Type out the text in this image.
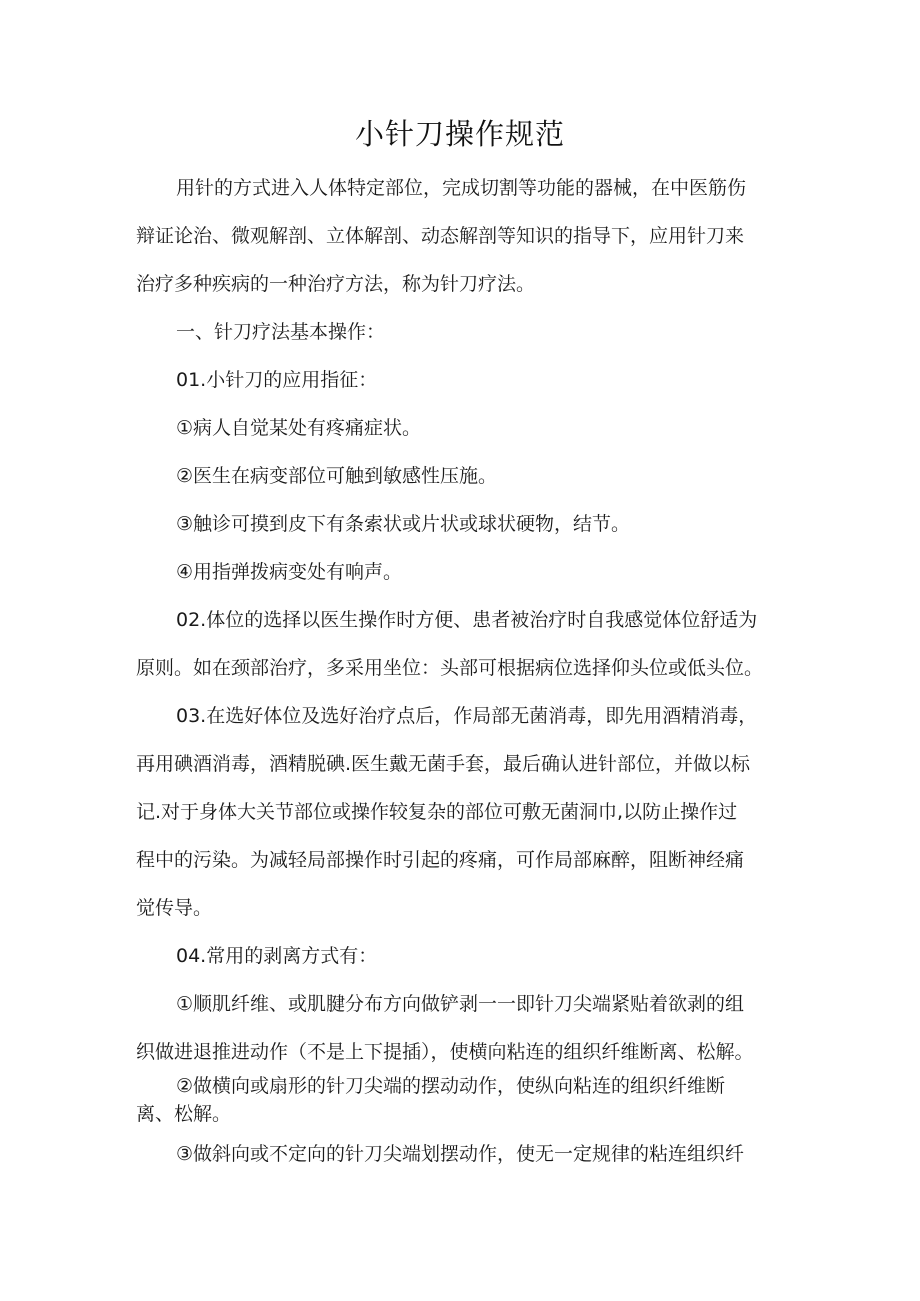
小针刀操作规范
用针的方式进入人体特定部位，完成切割等功能的器械，在中医筋伤
辩证论治、微观解剖、立体解剖、动态解剖等知识的指导下，应用针刀来
治疗多种疾病的一种治疗方法，称为针刀疗法。
一、针刀疗法基本操作：
01.小针刀的应用指征：
①病人自觉某处有疼痛症状。
②医生在病变部位可触到敏感性压施。
③触诊可摸到皮下有条索状或片状或球状硬物，结节。
④用指弹拨病变处有响声。
02.体位的选择以医生操作时方便、患者被治疗时自我感觉体位舒适为
原则。如在颈部治疗，多采用坐位：头部可根据病位选择仰头位或低头位。
03.在选好体位及选好治疗点后，作局部无菌消毒，即先用酒精消毒，
再用碘酒消毒，酒精脱碘.医生戴无菌手套，最后确认进针部位，并做以标
记.对于身体大关节部位或操作较复杂的部位可敷无菌洞巾,以防止操作过
程中的污染。为减轻局部操作时引起的疼痛，可作局部麻醉，阻断神经痛
觉传导。
04.常用的剥离方式有：
①顺肌纤维、或肌腱分布方向做铲剥一一即针刀尖端紧贴着欲剥的组
织做进退推进动作（不是上下提插），使横向粘连的组织纤维断离、松解。
②做横向或扇形的针刀尖端的摆动动作，使纵向粘连的组织纤维断
离、松解。
③做斜向或不定向的针刀尖端划摆动作，使无一定规律的粘连组织纤
